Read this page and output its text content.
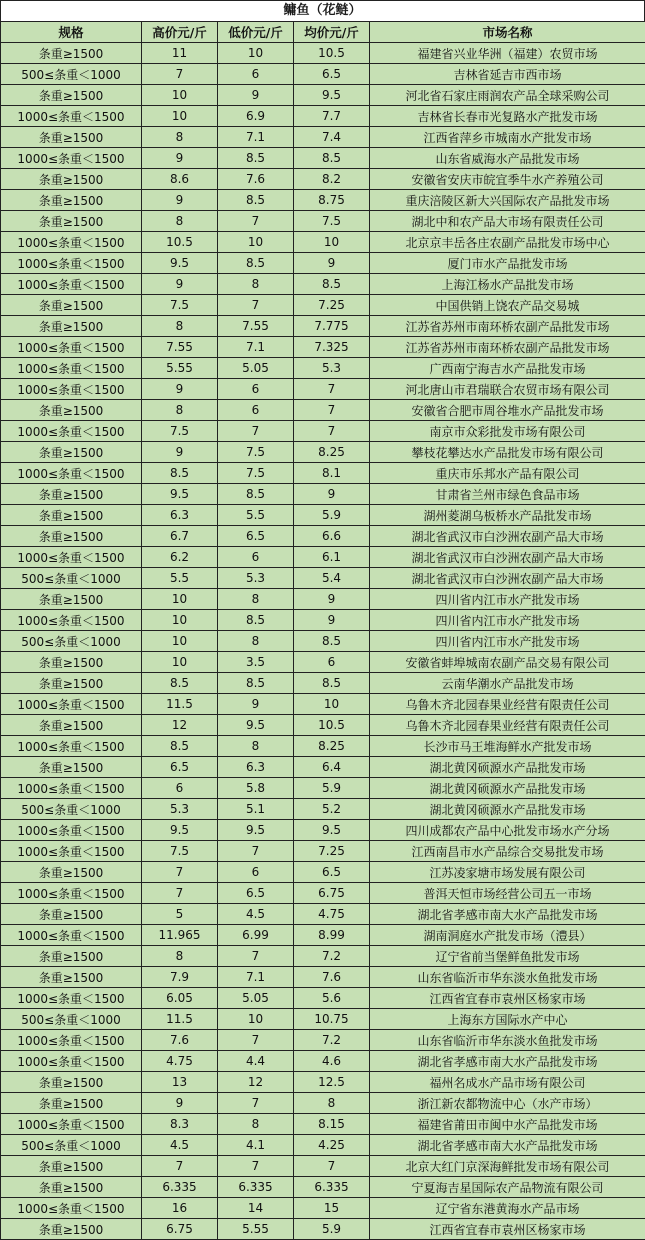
鳙鱼（花鲢）
规格	高价元/斤	低价元/斤	均价元/斤	市场名称
条重≥1500	11	10	10.5	福建省兴业华洲（福建）农贸市场
500≤条重＜1000	7	6	6.5	吉林省延吉市西市场
条重≥1500	10	9	9.5	河北省石家庄雨润农产品全球采购公司
1000≤条重＜1500	10	6.9	7.7	吉林省长春市光复路水产批发市场
条重≥1500	8	7.1	7.4	江西省萍乡市城南水产批发市场
1000≤条重＜1500	9	8.5	8.5	山东省威海水产品批发市场
条重≥1500	8.6	7.6	8.2	安徽省安庆市皖宜季牛水产养殖公司
条重≥1500	9	8.5	8.75	重庆涪陵区新大兴国际农产品批发市场
条重≥1500	8	7	7.5	湖北中和农产品大市场有限责任公司
1000≤条重＜1500	10.5	10	10	北京京丰岳各庄农副产品批发市场中心
1000≤条重＜1500	9.5	8.5	9	厦门市水产品批发市场
1000≤条重＜1500	9	8	8.5	上海江杨水产品批发市场
条重≥1500	7.5	7	7.25	中国供销上饶农产品交易城
条重≥1500	8	7.55	7.775	江苏省苏州市南环桥农副产品批发市场
1000≤条重＜1500	7.55	7.1	7.325	江苏省苏州市南环桥农副产品批发市场
1000≤条重＜1500	5.55	5.05	5.3	广西南宁海吉水产品批发市场
1000≤条重＜1500	9	6	7	河北唐山市君瑞联合农贸市场有限公司
条重≥1500	8	6	7	安徽省合肥市周谷堆水产品批发市场
1000≤条重＜1500	7.5	7	7	南京市众彩批发市场有限公司
条重≥1500	9	7.5	8.25	攀枝花攀达水产品批发市场有限公司
1000≤条重＜1500	8.5	7.5	8.1	重庆市乐邦水产品有限公司
条重≥1500	9.5	8.5	9	甘肃省兰州市绿色食品市场
条重≥1500	6.3	5.5	5.9	湖州菱湖乌板桥水产品批发市场
条重≥1500	6.7	6.5	6.6	湖北省武汉市白沙洲农副产品大市场
1000≤条重＜1500	6.2	6	6.1	湖北省武汉市白沙洲农副产品大市场
500≤条重＜1000	5.5	5.3	5.4	湖北省武汉市白沙洲农副产品大市场
条重≥1500	10	8	9	四川省内江市水产批发市场
1000≤条重＜1500	10	8.5	9	四川省内江市水产批发市场
500≤条重＜1000	10	8	8.5	四川省内江市水产批发市场
条重≥1500	10	3.5	6	安徽省蚌埠城南农副产品交易有限公司
条重≥1500	8.5	8.5	8.5	云南华潮水产品批发市场
1000≤条重＜1500	11.5	9	10	乌鲁木齐北园春果业经营有限责任公司
条重≥1500	12	9.5	10.5	乌鲁木齐北园春果业经营有限责任公司
1000≤条重＜1500	8.5	8	8.25	长沙市马王堆海鲜水产批发市场
条重≥1500	6.5	6.3	6.4	湖北黄冈硕源水产品批发市场
1000≤条重＜1500	6	5.8	5.9	湖北黄冈硕源水产品批发市场
500≤条重＜1000	5.3	5.1	5.2	湖北黄冈硕源水产品批发市场
1000≤条重＜1500	9.5	9.5	9.5	四川成都农产品中心批发市场水产分场
1000≤条重＜1500	7.5	7	7.25	江西南昌市水产品综合交易批发市场
条重≥1500	7	6	6.5	江苏凌家塘市场发展有限公司
1000≤条重＜1500	7	6.5	6.75	普洱天恒市场经营公司五一市场
条重≥1500	5	4.5	4.75	湖北省孝感市南大水产品批发市场
1000≤条重＜1500	11.965	6.99	8.99	湖南洞庭水产批发市场（澧县）
条重≥1500	8	7	7.2	辽宁省前当堡鲜鱼批发市场
条重≥1500	7.9	7.1	7.6	山东省临沂市华东淡水鱼批发市场
1000≤条重＜1500	6.05	5.05	5.6	江西省宜春市袁州区杨家市场
500≤条重＜1000	11.5	10	10.75	上海东方国际水产中心
1000≤条重＜1500	7.6	7	7.2	山东省临沂市华东淡水鱼批发市场
1000≤条重＜1500	4.75	4.4	4.6	湖北省孝感市南大水产品批发市场
条重≥1500	13	12	12.5	福州名成水产品市场有限公司
条重≥1500	9	7	8	浙江新农都物流中心（水产市场）
1000≤条重＜1500	8.3	8	8.15	福建省莆田市闽中水产品批发市场
500≤条重＜1000	4.5	4.1	4.25	湖北省孝感市南大水产品批发市场
条重≥1500	7	7	7	北京大红门京深海鲜批发市场有限公司
条重≥1500	6.335	6.335	6.335	宁夏海吉星国际农产品物流有限公司
1000≤条重＜1500	16	14	15	辽宁省东港黄海水产品市场
条重≥1500	6.75	5.55	5.9	江西省宜春市袁州区杨家市场
